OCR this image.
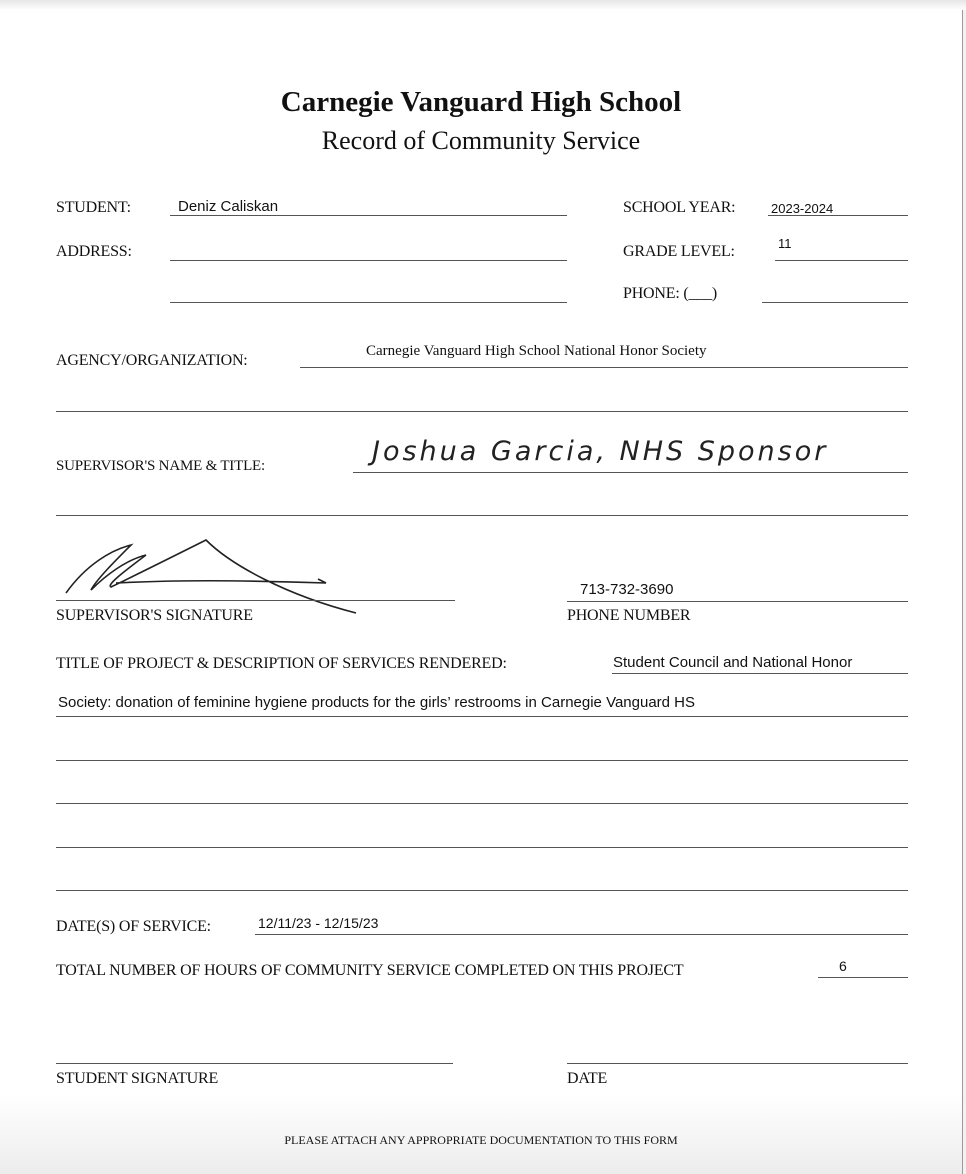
Carnegie Vanguard High School
Record of Community Service
STUDENT:	Deniz Caliskan	SCHOOL YEAR:	2023-2024
ADDRESS:	GRADE LEVEL:	11
PHONE: (___)
AGENCY/ORGANIZATION:
Carnegie Vanguard High School National Honor Society
SUPERVISOR'S NAME & TITLE:	Joshua Garcia, NHS Sponsor
SUPERVISOR'S SIGNATURE
713-732-3690
PHONE NUMBER
TITLE OF PROJECT & DESCRIPTION OF SERVICES RENDERED:	Student Council and National Honor
Society: donation of feminine hygiene products for the girls’ restrooms in Carnegie Vanguard HS
DATE(S) OF SERVICE:	12/11/23 - 12/15/23
TOTAL NUMBER OF HOURS OF COMMUNITY SERVICE COMPLETED ON THIS PROJECT	6
STUDENT SIGNATURE	DATE
PLEASE ATTACH ANY APPROPRIATE DOCUMENTATION TO THIS FORM
